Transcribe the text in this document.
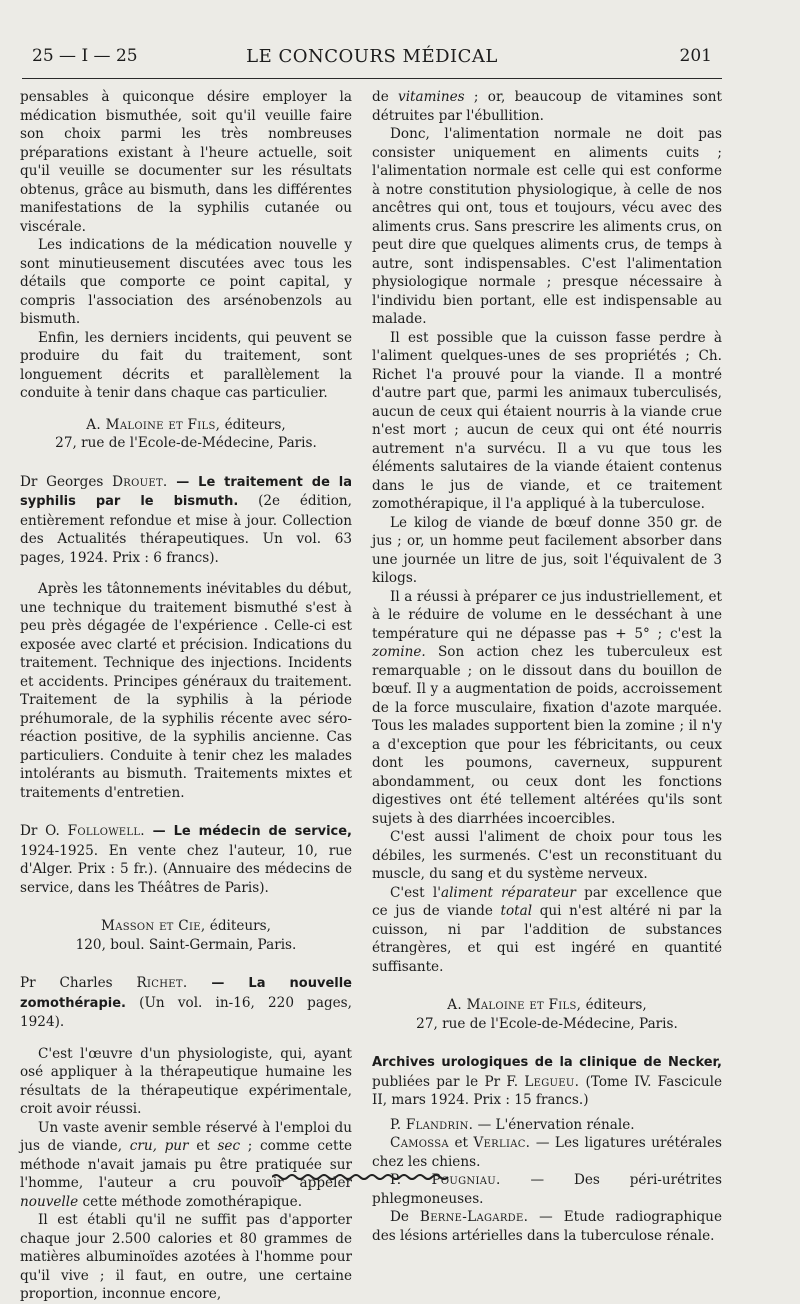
25 — I — 25	LE CONCOURS MÉDICAL	201

pensables à quiconque désire employer la médication bismuthée, soit qu'il veuille faire son choix parmi les très nombreuses préparations existant à l'heure actuelle, soit qu'il veuille se documenter sur les résultats obtenus, grâce au bismuth, dans les différentes manifestations de la syphilis cutanée ou viscérale.

Les indications de la médication nouvelle y sont minutieusement discutées avec tous les détails que comporte ce point capital, y compris l'association des arsénobenzols au bismuth.

Enfin, les derniers incidents, qui peuvent se produire du fait du traitement, sont longuement décrits et parallèlement la conduite à tenir dans chaque cas particulier.

A. Maloine et Fils, éditeurs,

27, rue de l'Ecole-de-Médecine, Paris.

Dr Georges Drouet. — Le traitement de la syphilis par le bismuth. (2e édition, entièrement refondue et mise à jour. Collection des Actualités thérapeutiques. Un vol. 63 pages, 1924. Prix : 6 francs).

Après les tâtonnements inévitables du début, une technique du traitement bismuthé s'est à peu près dégagée de l'expérience . Celle-ci est exposée avec clarté et précision. Indications du traitement. Technique des injections. Incidents et accidents. Principes généraux du traitement. Traitement de la syphilis à la période préhumorale, de la syphilis récente avec séro-réaction positive, de la syphilis ancienne. Cas particuliers. Conduite à tenir chez les malades intolérants au bismuth. Traitements mixtes et traitements d'entretien.

Dr O. Followell. — Le médecin de service, 1924-1925. En vente chez l'auteur, 10, rue d'Alger. Prix : 5 fr.). (Annuaire des médecins de service, dans les Théâtres de Paris).

Masson et Cie, éditeurs,

120, boul. Saint-Germain, Paris.

Pr Charles Richet. — La nouvelle zomothérapie. (Un vol. in-16, 220 pages, 1924).

C'est l'œuvre d'un physiologiste, qui, ayant osé appliquer à la thérapeutique humaine les résultats de la thérapeutique expérimentale, croit avoir réussi.

Un vaste avenir semble réservé à l'emploi du jus de viande, cru, pur et sec ; comme cette méthode n'avait jamais pu être pratiquée sur l'homme, l'auteur a cru pouvoir appeler nouvelle cette méthode zomothérapique.

Il est établi qu'il ne suffit pas d'apporter chaque jour 2.500 calories et 80 grammes de matières albuminoïdes azotées à l'homme pour qu'il vive ; il faut, en outre, une certaine proportion, inconnue encore,

de vitamines ; or, beaucoup de vitamines sont détruites par l'ébullition.

Donc, l'alimentation normale ne doit pas consister uniquement en aliments cuits ; l'alimentation normale est celle qui est conforme à notre constitution physiologique, à celle de nos ancêtres qui ont, tous et toujours, vécu avec des aliments crus. Sans prescrire les aliments crus, on peut dire que quelques aliments crus, de temps à autre, sont indispensables. C'est l'alimentation physiologique normale ; presque nécessaire à l'individu bien portant, elle est indispensable au malade.

Il est possible que la cuisson fasse perdre à l'aliment quelques-unes de ses propriétés ; Ch. Richet l'a prouvé pour la viande. Il a montré d'autre part que, parmi les animaux tuberculisés, aucun de ceux qui étaient nourris à la viande crue n'est mort ; aucun de ceux qui ont été nourris autrement n'a survécu. Il a vu que tous les éléments salutaires de la viande étaient contenus dans le jus de viande, et ce traitement zomothérapique, il l'a appliqué à la tuberculose.

Le kilog de viande de bœuf donne 350 gr. de jus ; or, un homme peut facilement absorber dans une journée un litre de jus, soit l'équivalent de 3 kilogs.

Il a réussi à préparer ce jus industriellement, et à le réduire de volume en le desséchant à une température qui ne dépasse pas + 5° ; c'est la zomine. Son action chez les tuberculeux est remarquable ; on le dissout dans du bouillon de bœuf. Il y a augmentation de poids, accroissement de la force musculaire, fixation d'azote marquée. Tous les malades supportent bien la zomine ; il n'y a d'exception que pour les fébricitants, ou ceux dont les poumons, caverneux, suppurent abondamment, ou ceux dont les fonctions digestives ont été tellement altérées qu'ils sont sujets à des diarrhées incoercibles.

C'est aussi l'aliment de choix pour tous les débiles, les surmenés. C'est un reconstituant du muscle, du sang et du système nerveux.

C'est l'aliment réparateur par excellence que ce jus de viande total qui n'est altéré ni par la cuisson, ni par l'addition de substances étrangères, et qui est ingéré en quantité suffisante.

A. Maloine et Fils, éditeurs,

27, rue de l'Ecole-de-Médecine, Paris.

Archives urologiques de la clinique de Necker, publiées par le Pr F. Legueu. (Tome IV. Fascicule II, mars 1924. Prix : 15 francs.)

P. Flandrin. — L'énervation rénale.

Camossa et Verliac. — Les ligatures urétérales chez les chiens.

P. Pougniau. — Des péri-urétrites phlegmoneuses.

De Berne-Lagarde. — Etude radiographique des lésions artérielles dans la tuberculose rénale.
